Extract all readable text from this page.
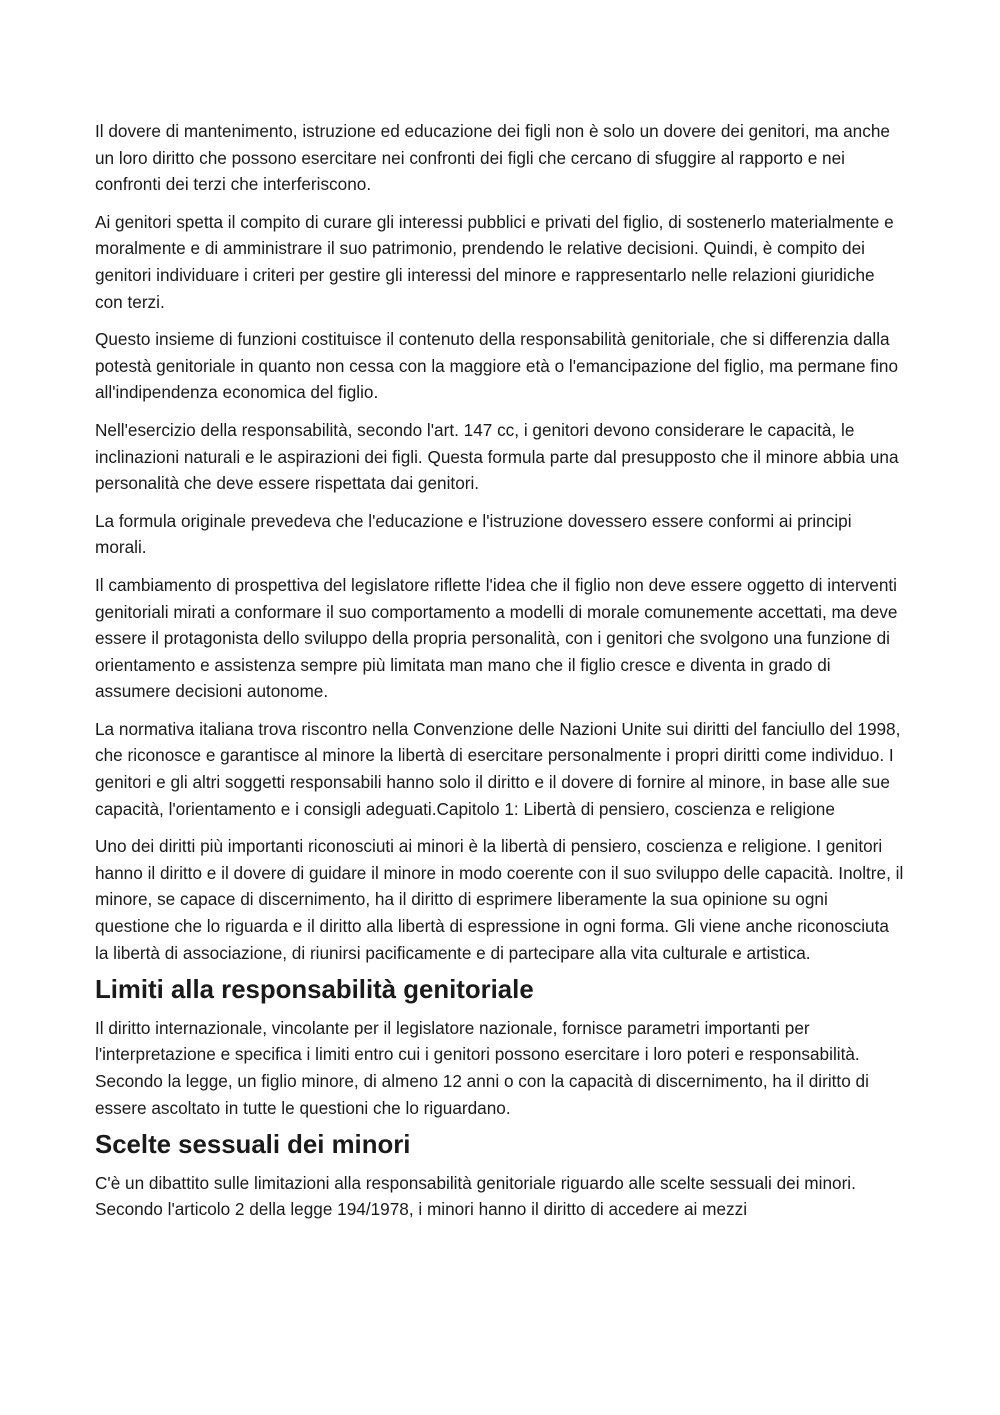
Il dovere di mantenimento, istruzione ed educazione dei figli non è solo un dovere dei genitori, ma anche un loro diritto che possono esercitare nei confronti dei figli che cercano di sfuggire al rapporto e nei confronti dei terzi che interferiscono.

Ai genitori spetta il compito di curare gli interessi pubblici e privati del figlio, di sostenerlo materialmente e moralmente e di amministrare il suo patrimonio, prendendo le relative decisioni. Quindi, è compito dei genitori individuare i criteri per gestire gli interessi del minore e rappresentarlo nelle relazioni giuridiche con terzi.

Questo insieme di funzioni costituisce il contenuto della responsabilità genitoriale, che si differenzia dalla potestà genitoriale in quanto non cessa con la maggiore età o l'emancipazione del figlio, ma permane fino all'indipendenza economica del figlio.

Nell'esercizio della responsabilità, secondo l'art. 147 cc, i genitori devono considerare le capacità, le inclinazioni naturali e le aspirazioni dei figli. Questa formula parte dal presupposto che il minore abbia una personalità che deve essere rispettata dai genitori.

La formula originale prevedeva che l'educazione e l'istruzione dovessero essere conformi ai principi morali.

Il cambiamento di prospettiva del legislatore riflette l'idea che il figlio non deve essere oggetto di interventi genitoriali mirati a conformare il suo comportamento a modelli di morale comunemente accettati, ma deve essere il protagonista dello sviluppo della propria personalità, con i genitori che svolgono una funzione di orientamento e assistenza sempre più limitata man mano che il figlio cresce e diventa in grado di assumere decisioni autonome.

La normativa italiana trova riscontro nella Convenzione delle Nazioni Unite sui diritti del fanciullo del 1998, che riconosce e garantisce al minore la libertà di esercitare personalmente i propri diritti come individuo. I genitori e gli altri soggetti responsabili hanno solo il diritto e il dovere di fornire al minore, in base alle sue capacità, l'orientamento e i consigli adeguati.Capitolo 1: Libertà di pensiero, coscienza e religione

Uno dei diritti più importanti riconosciuti ai minori è la libertà di pensiero, coscienza e religione. I genitori hanno il diritto e il dovere di guidare il minore in modo coerente con il suo sviluppo delle capacità. Inoltre, il minore, se capace di discernimento, ha il diritto di esprimere liberamente la sua opinione su ogni questione che lo riguarda e il diritto alla libertà di espressione in ogni forma. Gli viene anche riconosciuta la libertà di associazione, di riunirsi pacificamente e di partecipare alla vita culturale e artistica.

Limiti alla responsabilità genitoriale

Il diritto internazionale, vincolante per il legislatore nazionale, fornisce parametri importanti per l'interpretazione e specifica i limiti entro cui i genitori possono esercitare i loro poteri e responsabilità. Secondo la legge, un figlio minore, di almeno 12 anni o con la capacità di discernimento, ha il diritto di essere ascoltato in tutte le questioni che lo riguardano.

Scelte sessuali dei minori

C'è un dibattito sulle limitazioni alla responsabilità genitoriale riguardo alle scelte sessuali dei minori. Secondo l'articolo 2 della legge 194/1978, i minori hanno il diritto di accedere ai mezzi
